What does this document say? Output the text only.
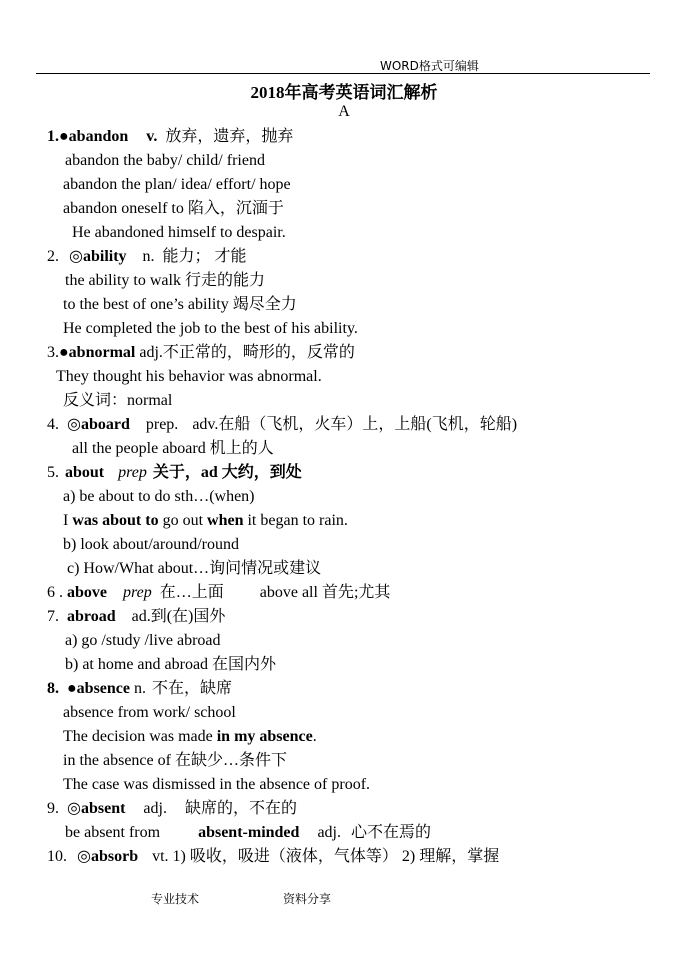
WORD格式可编辑
2018年高考英语词汇解析
A
1.●abandon v. 放弃，遗弃，抛弃
abandon the baby/ child/ friend
abandon the plan/ idea/ effort/ hope
abandon oneself to 陷入，沉湎于
He abandoned himself to despair.
2. ◎ability n. 能力； 才能
the ability to walk 行走的能力
to the best of one’s ability 竭尽全力
He completed the job to the best of his ability.
3.●abnormal adj.不正常的，畸形的，反常的
They thought his behavior was abnormal.
反义词：normal
4. ◎aboard prep. adv.在船（飞机，火车）上，上船(飞机，轮船)
all the people aboard 机上的人
5. about prep 关于，ad 大约，到处
a) be about to do sth…(when)
I was about to go out when it began to rain.
b) look about/around/round
c) How/What about…询问情况或建议
6 . above prep 在…上面 above all 首先;尤其
7. abroad ad.到(在)国外
a) go /study /live abroad
b) at home and abroad 在国内外
8. ●absence n. 不在，缺席
absence from work/ school
The decision was made in my absence.
in the absence of 在缺少…条件下
The case was dismissed in the absence of proof.
9. ◎absent adj. 缺席的，不在的
be absent from absent-minded adj. 心不在焉的
10. ◎absorb vt. 1) 吸收，吸进（液体，气体等） 2) 理解，掌握
专业技术	资料分享
